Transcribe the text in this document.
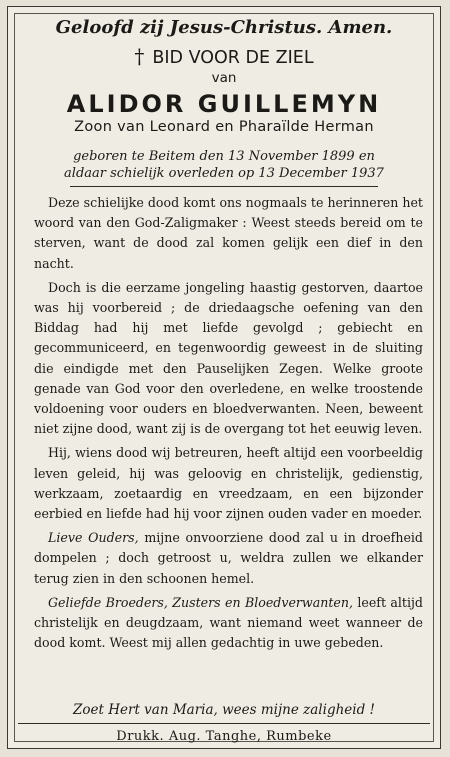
Geloofd zij Jesus-Christus. Amen.
† BID VOOR DE ZIEL
van
ALIDOR GUILLEMYN
Zoon van Leonard en Pharaïlde Herman
geboren te Beitem den 13 November 1899 en
aldaar schielijk overleden op 13 December 1937

Deze schielijke dood komt ons nogmaals te herinneren het woord van den God-Zaligmaker : Weest steeds bereid om te sterven, want de dood zal komen gelijk een dief in den nacht.

Doch is die eerzame jongeling haastig gestorven, daartoe was hij voorbereid ; de driedaagsche oefening van den Biddag had hij met liefde gevolgd ; gebiecht en gecommuniceerd, en tegenwoordig geweest in de sluiting die eindigde met den Pauselijken Zegen. Welke groote genade van God voor den overledene, en welke troostende voldoening voor ouders en bloedverwanten. Neen, beweent niet zijne dood, want zij is de overgang tot het eeuwig leven.

Hij, wiens dood wij betreuren, heeft altijd een voorbeeldig leven geleid, hij was geloovig en christelijk, gedienstig, werkzaam, zoetaardig en vreedzaam, en een bijzonder eerbied en liefde had hij voor zijnen ouden vader en moeder.

Lieve Ouders, mijne onvoorziene dood zal u in droefheid dompelen ; doch getroost u, weldra zullen we elkander terug zien in den schoonen hemel.

Geliefde Broeders, Zusters en Bloedverwanten, leeft altijd christelijk en deugdzaam, want niemand weet wanneer de dood komt. Weest mij allen gedachtig in uwe gebeden.

Zoet Hert van Maria, wees mijne zaligheid !
Drukk. Aug. Tanghe, Rumbeke
